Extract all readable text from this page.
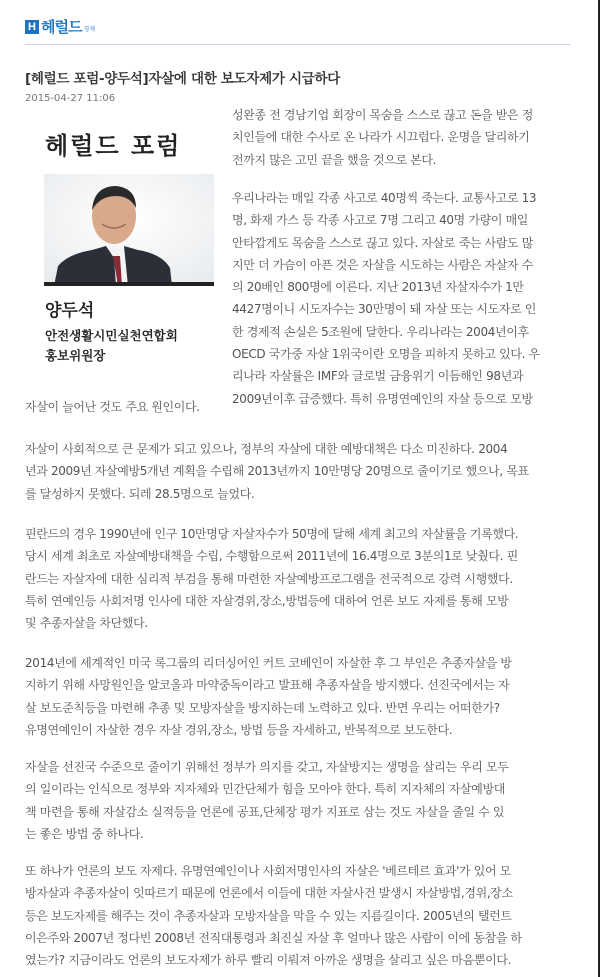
H 헤럴드 경제
[헤럴드 포럼-양두석]자살에 대한 보도자제가 시급하다
2015-04-27 11:06
헤럴드 포럼
양두석
안전생활시민실천연합회
홍보위원장
성완종 전 경남기업 회장이 목숨을 스스로 끊고 돈을 받은 정
치인들에 대한 수사로 온 나라가 시끄럽다. 운명을 달리하기
전까지 많은 고민 끝을 했을 것으로 본다.
우리나라는 매일 각종 사고로 40명씩 죽는다. 교통사고로 13
명, 화재 가스 등 각종 사고로 7명 그리고 40명 가량이 매일
안타깝게도 목숨을 스스로 끊고 있다. 자살로 죽는 사람도 많
지만 더 가슴이 아픈 것은 자살을 시도하는 사람은 자살자 수
의 20배인 800명에 이른다. 지난 2013년 자살자수가 1만
4427명이니 시도자수는 30만명이 돼 자살 또는 시도자로 인
한 경제적 손실은 5조원에 달한다. 우리나라는 2004년이후
OECD 국가중 자살 1위국이란 오명을 피하지 못하고 있다. 우
리나라 자살률은 IMF와 글로벌 금융위기 이듬해인 98년과
2009년이후 급증했다. 특히 유명연예인의 자살 등으로 모방
자살이 늘어난 것도 주요 원인이다.
자살이 사회적으로 큰 문제가 되고 있으나, 정부의 자살에 대한 예방대책은 다소 미진하다. 2004
년과 2009년 자살예방5개년 계획을 수립해 2013년까지 10만명당 20명으로 줄이기로 했으나, 목표
를 달성하지 못했다. 되레 28.5명으로 늘었다.
핀란드의 경우 1990년에 인구 10만명당 자살자수가 50명에 달해 세계 최고의 자살률을 기록했다.
당시 세계 최초로 자살예방대책을 수립, 수행함으로써 2011년에 16.4명으로 3분의1로 낮췄다. 핀
란드는 자살자에 대한 심리적 부검을 통해 마련한 자살예방프로그램을 전국적으로 강력 시행했다.
특히 연예인등 사회저명 인사에 대한 자살경위,장소,방법등에 대하여 언론 보도 자제를 통해 모방
및 추종자살을 차단했다.
2014년에 세계적인 미국 록그룹의 리더싱어인 커트 코베인이 자살한 후 그 부인은 추종자살을 방
지하기 위해 사망원인을 알코올과 마약중독이라고 발표해 추종자살을 방지했다. 선진국에서는 자
살 보도준칙등을 마련해 추종 및 모방자살을 방지하는데 노력하고 있다. 반면 우리는 어떠한가?
유명연예인이 자살한 경우 자살 경위,장소, 방법 등을 자세하고, 반복적으로 보도한다.
자살을 선진국 수준으로 줄이기 위해선 정부가 의지를 갖고, 자살방지는 생명을 살리는 우리 모두
의 일이라는 인식으로 정부와 지자체와 민간단체가 힘을 모아야 한다. 특히 지자체의 자살예방대
책 마련을 통해 자살감소 실적등을 언론에 공표,단체장 평가 지표로 삼는 것도 자살을 줄일 수 있
는 좋은 방법 중 하나다.
또 하나가 언론의 보도 자제다. 유명연예인이나 사회저명인사의 자살은 '베르테르 효과'가 있어 모
방자살과 추종자살이 잇따르기 때문에 언론에서 이들에 대한 자살사건 발생시 자살방법,경위,장소
등은 보도자제를 해주는 것이 추종자살과 모방자살을 막을 수 있는 지름길이다. 2005년의 탤런트
이은주와 2007년 정다빈 2008년 전직대통령과 최진실 자살 후 얼마나 많은 사람이 이에 동참을 하
였는가? 지금이라도 언론의 보도자제가 하루 빨리 이뤄져 아까운 생명을 살리고 싶은 마음뿐이다.
